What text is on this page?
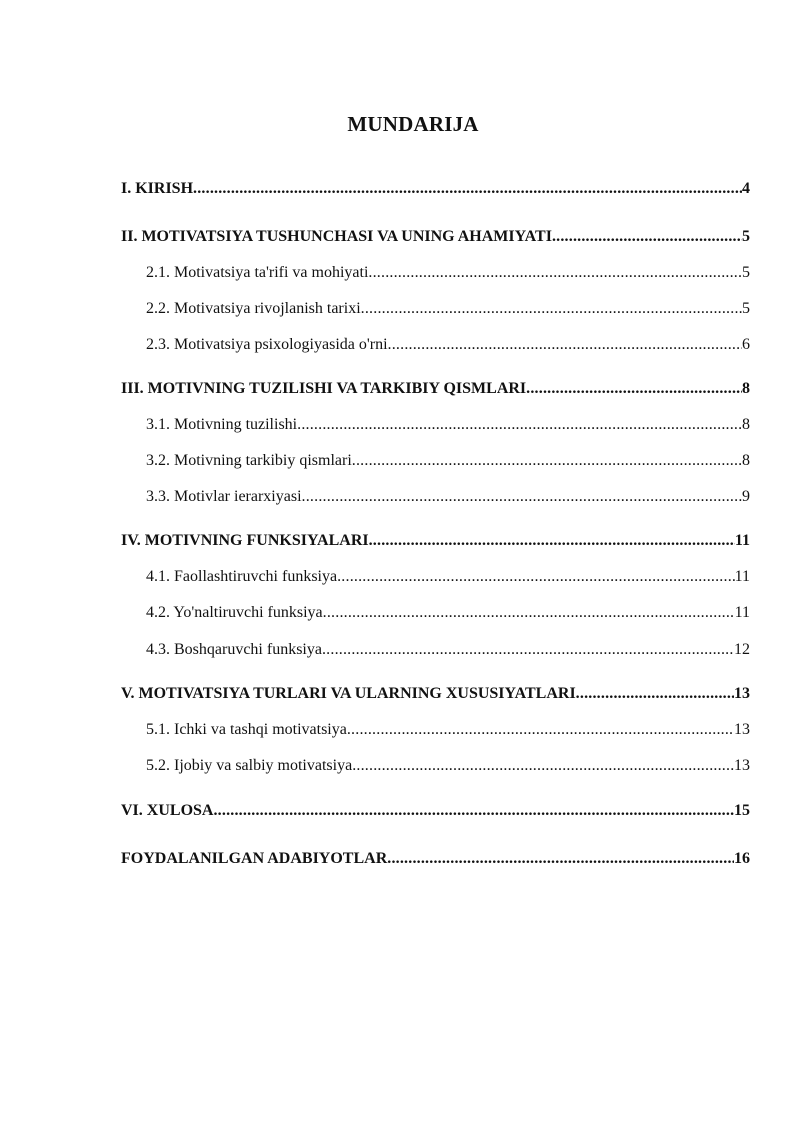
MUNDARIJA
I. KIRISH .....	4
II. MOTIVATSIYA TUSHUNCHASI VA UNING AHAMIYATI .....	5
2.1. Motivatsiya ta'rifi va mohiyati .....	5
2.2. Motivatsiya rivojlanish tarixi .....	5
2.3. Motivatsiya psixologiyasida o'rni .....	6
III. MOTIVNING TUZILISHI VA TARKIBIY QISMLARI .....	8
3.1. Motivning tuzilishi .....	8
3.2. Motivning tarkibiy qismlari .....	8
3.3. Motivlar ierarxiyasi .....	9
IV. MOTIVNING FUNKSIYALARI .....	11
4.1. Faollashtiruvchi funksiya .....	11
4.2. Yo'naltiruvchi funksiya .....	11
4.3. Boshqaruvchi funksiya .....	12
V. MOTIVATSIYA TURLARI VA ULARNING XUSUSIYATLARI .....	13
5.1. Ichki va tashqi motivatsiya .....	13
5.2. Ijobiy va salbiy motivatsiya .....	13
VI. XULOSA .....	15
FOYDALANILGAN ADABIYOTLAR .....	16
